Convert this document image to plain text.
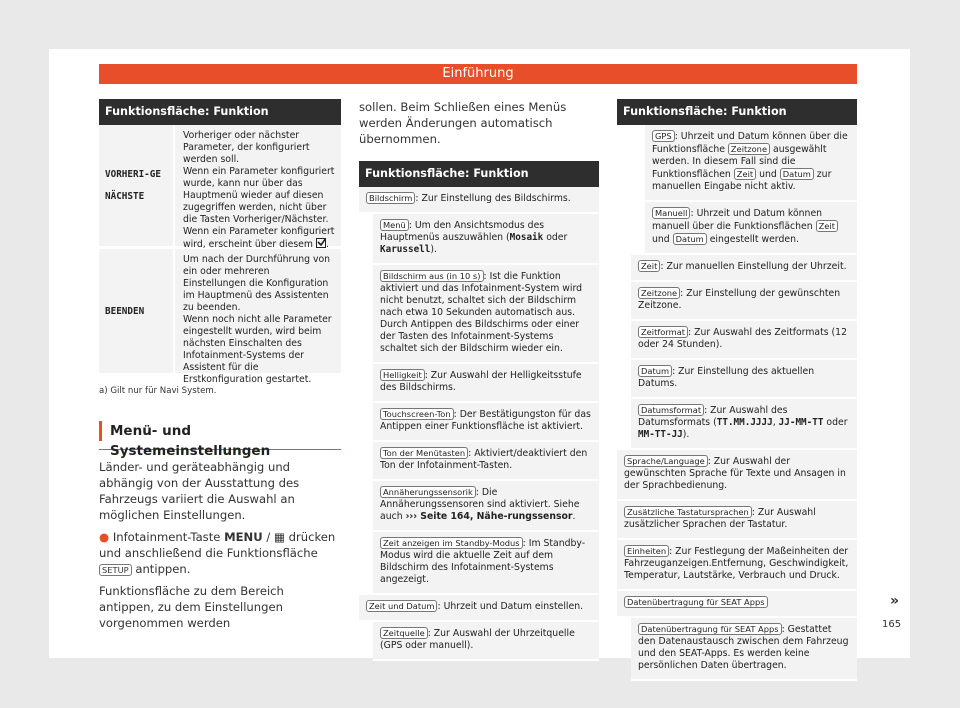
Einführung
Funktionsfläche: Funktion
VORHERI-GE

NÄCHSTE
Vorheriger oder nächster Parameter, der konfiguriert werden soll.
Wenn ein Parameter konfiguriert wurde, kann nur über das Hauptmenü wieder auf diesen zugegriffen werden, nicht über die Tasten Vorheriger/Nächster.
Wenn ein Parameter konfiguriert wird, erscheint über diesem .
BEENDEN
Um nach der Durchführung von ein oder mehreren Einstellungen die Konfiguration im Hauptmenü des Assistenten zu beenden.
Wenn noch nicht alle Parameter eingestellt wurden, wird beim nächsten Einschalten des Infotainment-Systems der Assistent für die Erstkonfiguration gestartet.
a) Gilt nur für Navi System.
Menü- und Systemeinstellungen
Länder- und geräteabhängig und abhängig von der Ausstattung des Fahrzeugs variiert die Auswahl an möglichen Einstellungen.
● Infotainment-Taste MENU / ▦ drücken und anschließend die Funktionsfläche SETUP antippen.
Funktionsfläche zu dem Bereich antippen, zu dem Einstellungen vorgenommen werden
sollen. Beim Schließen eines Menüs werden Änderungen automatisch übernommen.
Funktionsfläche: Funktion
Bildschirm : Zur Einstellung des Bildschirms.
Menü : Um den Ansichtsmodus des Hauptmenüs auszuwählen (Mosaik oder Karussell).
Bildschirm aus (in 10 s) : Ist die Funktion aktiviert und das Infotainment-System wird nicht benutzt, schaltet sich der Bildschirm nach etwa 10 Sekunden automatisch aus. Durch Antippen des Bildschirms oder einer der Tasten des Infotainment-Systems schaltet sich der Bildschirm wieder ein.
Helligkeit : Zur Auswahl der Helligkeitsstufe des Bildschirms.
Touchscreen-Ton : Der Bestätigungston für das Antippen einer Funktionsfläche ist aktiviert.
Ton der Menütasten : Aktiviert/deaktiviert den Ton der Infotainment-Tasten.
Annäherungssensorik : Die Annäherungssensoren sind aktiviert. Siehe auch ››› Seite 164, Nähe-rungssensor.
Zeit anzeigen im Standby-Modus : Im Standby-Modus wird die aktuelle Zeit auf dem Bildschirm des Infotainment-Systems angezeigt.
Zeit und Datum : Uhrzeit und Datum einstellen.
Zeitquelle : Zur Auswahl der Uhrzeitquelle (GPS oder manuell).
Funktionsfläche: Funktion
GPS : Uhrzeit und Datum können über die Funktionsfläche Zeitzone ausgewählt werden. In diesem Fall sind die Funktionsflächen Zeit und Datum zur manuellen Eingabe nicht aktiv.
Manuell : Uhrzeit und Datum können manuell über die Funktionsflächen Zeit und Datum eingestellt werden.
Zeit : Zur manuellen Einstellung der Uhrzeit.
Zeitzone : Zur Einstellung der gewünschten Zeitzone.
Zeitformat : Zur Auswahl des Zeitformats (12 oder 24 Stunden).
Datum : Zur Einstellung des aktuellen Datums.
Datumsformat : Zur Auswahl des Datumsformats (TT.MM.JJJJ, JJ-MM-TT oder MM-TT-JJ).
Sprache/Language : Zur Auswahl der gewünschten Sprache für Texte und Ansagen in der Sprachbedienung.
Zusätzliche Tastatursprachen : Zur Auswahl zusätzlicher Sprachen der Tastatur.
Einheiten : Zur Festlegung der Maßeinheiten der Fahrzeuganzeigen.Entfernung, Geschwindigkeit, Temperatur, Lautstärke, Verbrauch und Druck.
Datenübertragung für SEAT Apps
Datenübertragung für SEAT Apps : Gestattet den Datenaustausch zwischen dem Fahrzeug und den SEAT-Apps. Es werden keine persönlichen Daten übertragen.
»
165
